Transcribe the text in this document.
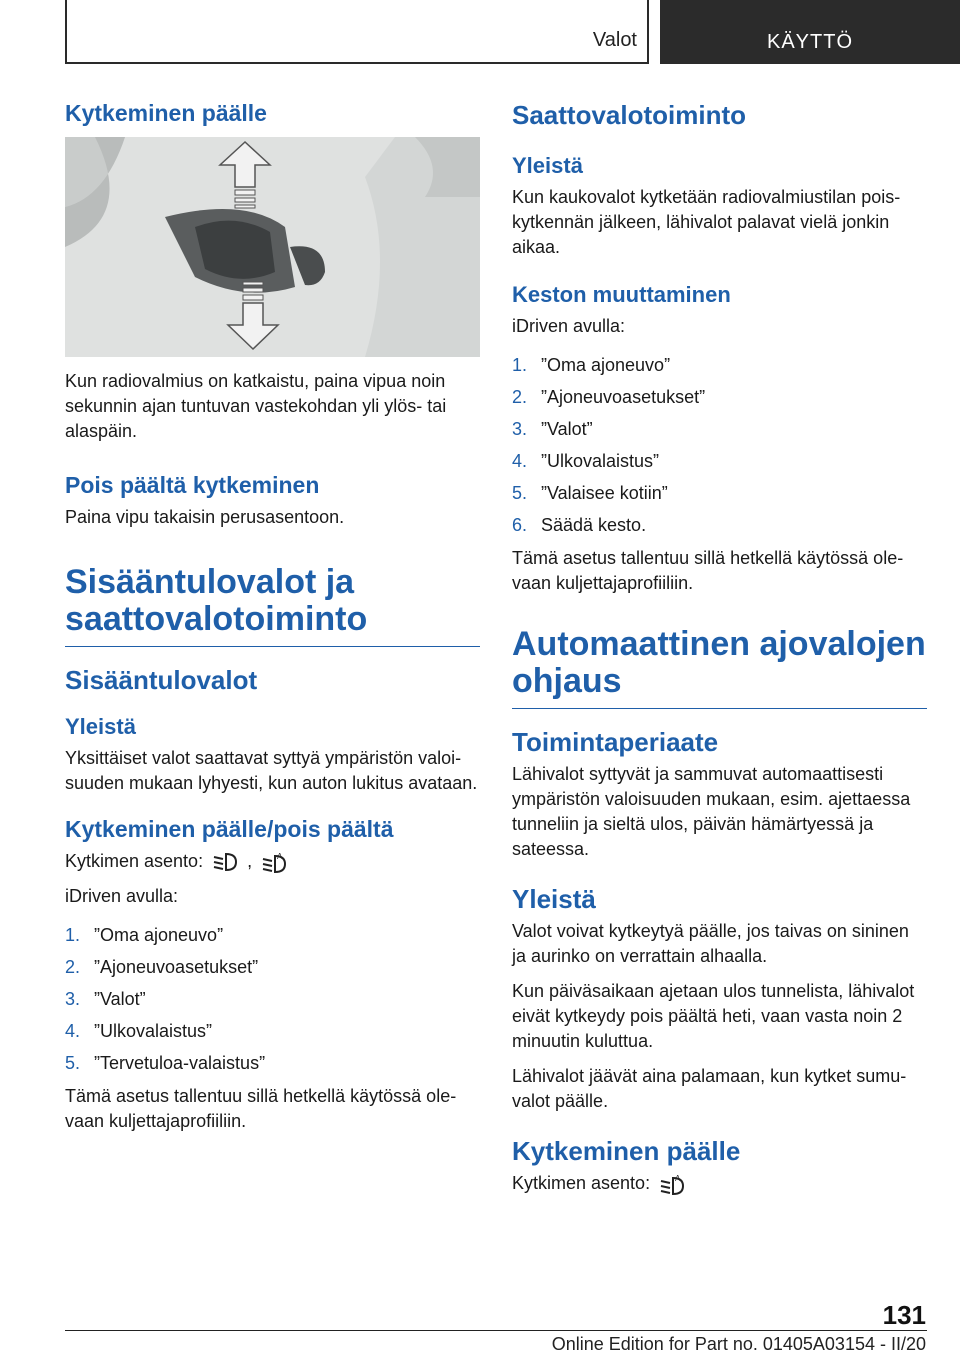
Valot	KÄYTTÖ
Kytkeminen päälle

Kun radiovalmius on katkaistu, paina vipua noin sekunnin ajan tuntuvan vastekohdan yli ylös- tai alaspäin.

Pois päältä kytkeminen

Paina vipu takaisin perusasentoon.

Sisääntulovalot ja saattovalotoiminto
Sisääntulovalot
Yleistä

Yksittäiset valot saattavat syttyä ympäristön valoisuuden mukaan lyhyesti, kun auton lukitus avataan.

Kytkeminen päälle/pois päältä

Kytkimen asento: ,	A

iDriven avulla:

1. ”Oma ajoneuvo”
2. ”Ajoneuvoasetukset”
3. ”Valot”
4. ”Ulkovalaistus”
5. ”Tervetuloa-valaistus”

Tämä asetus tallentuu sillä hetkellä käytössä olevaan kuljettajaprofiiliin.

Saattovalotoiminto
Yleistä

Kun kaukovalot kytketään radiovalmiustilan poiskytkennän jälkeen, lähivalot palavat vielä jonkin aikaa.

Keston muuttaminen

iDriven avulla:

1. ”Oma ajoneuvo”
2. ”Ajoneuvoasetukset”
3. ”Valot”
4. ”Ulkovalaistus”
5. ”Valaisee kotiin”
6. Säädä kesto.

Tämä asetus tallentuu sillä hetkellä käytössä olevaan kuljettajaprofiiliin.

Automaattinen ajovalojen ohjaus
Toimintaperiaate

Lähivalot syttyvät ja sammuvat automaattisesti ympäristön valoisuuden mukaan, esim. ajettaessa tunneliin ja sieltä ulos, päivän hämärtyessä ja sateessa.

Yleistä

Valot voivat kytkeytyä päälle, jos taivas on sininen ja aurinko on verrattain alhaalla.

Kun päiväsaikaan ajetaan ulos tunnelista, lähivalot eivät kytkeydy pois päältä heti, vaan vasta noin 2 minuutin kuluttua.

Lähivalot jäävät aina palamaan, kun kytket sumuvalot päälle.

Kytkeminen päälle

Kytkimen asento:	A

131
Online Edition for Part no. 01405A03154 - II/20
